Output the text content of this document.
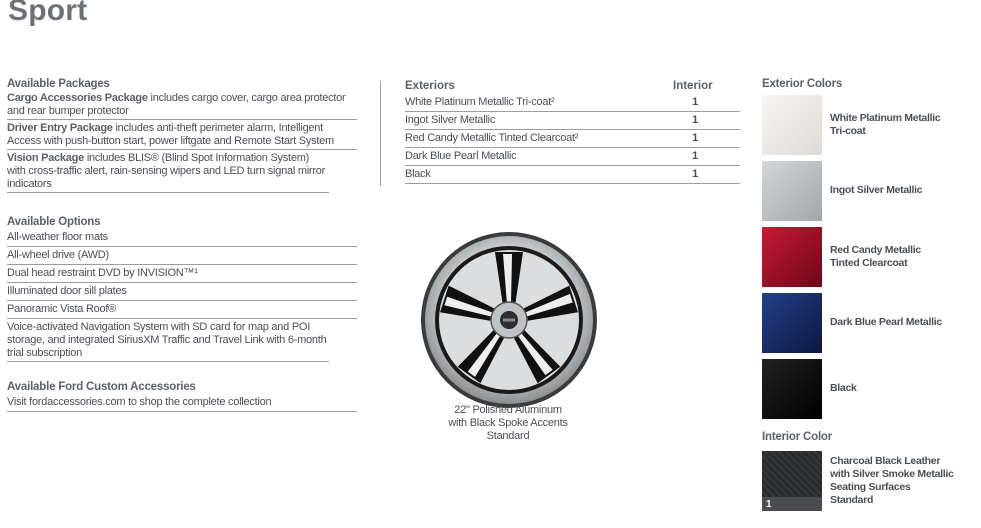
Sport
Available Packages
Cargo Accessories Package includes cargo cover, cargo area protector and rear bumper protector
Driver Entry Package includes anti-theft perimeter alarm, Intelligent Access with push-button start, power liftgate and Remote Start System
Vision Package includes BLIS® (Blind Spot Information System) with cross-traffic alert, rain-sensing wipers and LED turn signal mirror indicators
Available Options
All-weather floor mats
All-wheel drive (AWD)
Dual head restraint DVD by INVISION™¹
Illuminated door sill plates
Panoramic Vista Roof®
Voice-activated Navigation System with SD card for map and POI storage, and integrated SiriusXM Traffic and Travel Link with 6-month trial subscription
Available Ford Custom Accessories
Visit fordaccessories.com to shop the complete collection
Exteriors	Interior
White Platinum Metallic Tri-coat²	1
Ingot Silver Metallic	1
Red Candy Metallic Tinted Clearcoat²	1
Dark Blue Pearl Metallic	1
Black	1
22" Polished Aluminum
with Black Spoke Accents
Standard
Exterior Colors
White Platinum Metallic
Tri-coat
Ingot Silver Metallic
Red Candy Metallic
Tinted Clearcoat
Dark Blue Pearl Metallic
Black
Interior Color
1
Charcoal Black Leather
with Silver Smoke Metallic
Seating Surfaces
Standard
